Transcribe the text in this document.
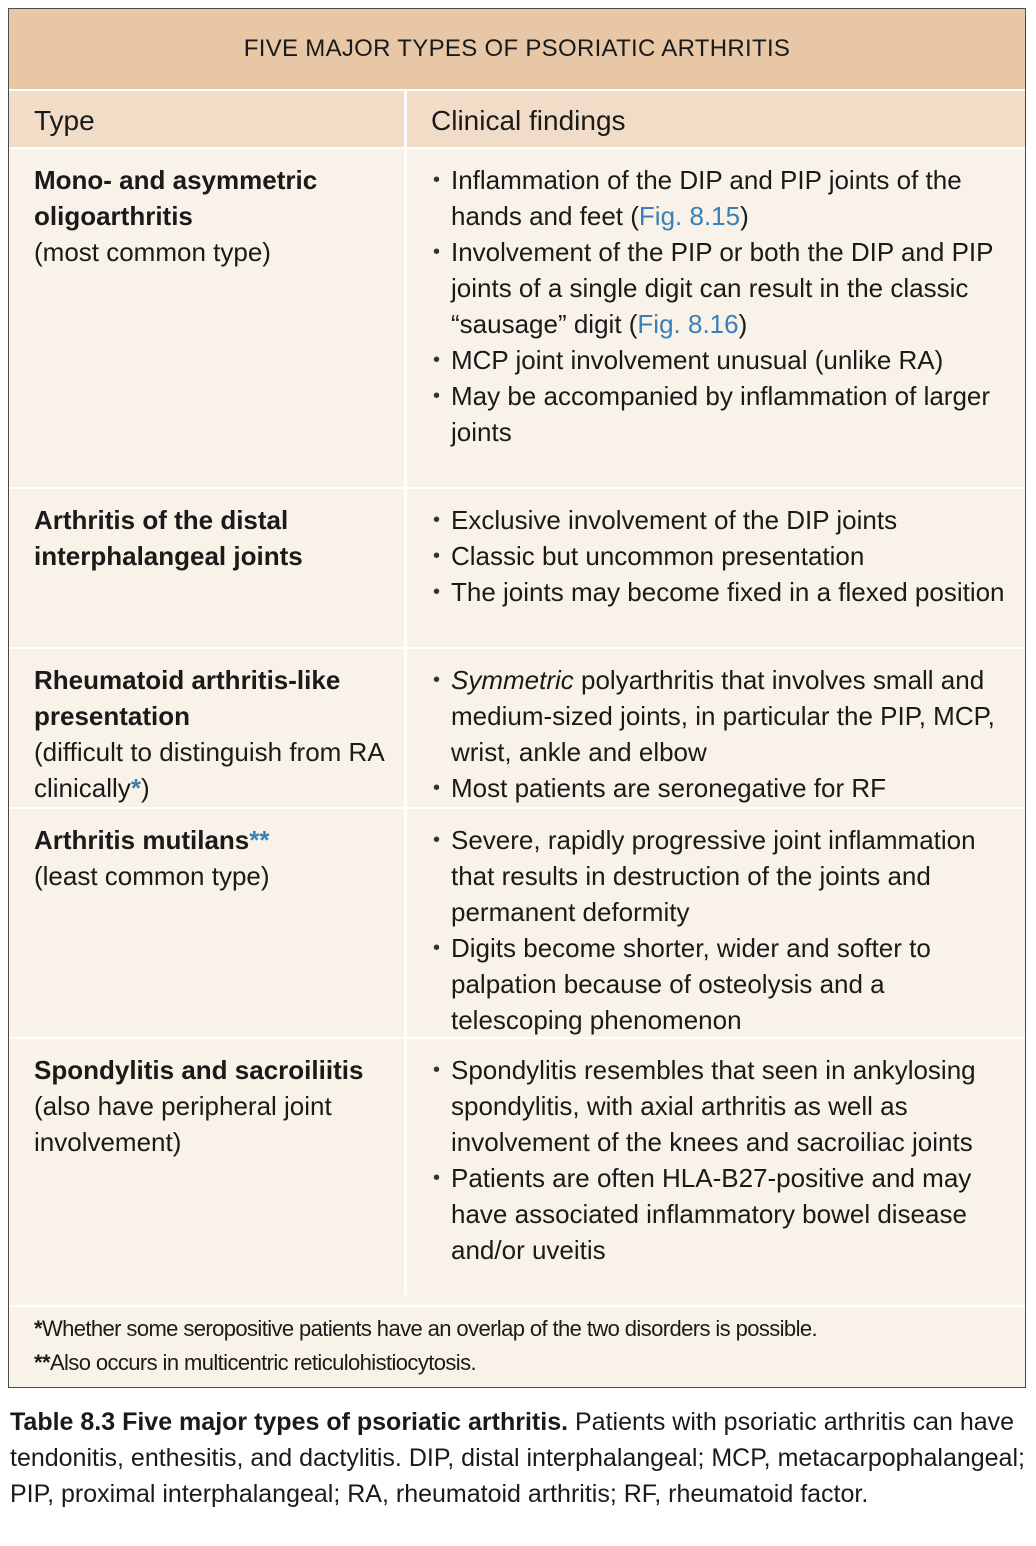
FIVE MAJOR TYPES OF PSORIATIC ARTHRITIS
Type	Clinical findings
Mono- and asymmetric oligoarthritis
(most common type)
• Inflammation of the DIP and PIP joints of the hands and feet (Fig. 8.15)
• Involvement of the PIP or both the DIP and PIP joints of a single digit can result in the classic “sausage” digit (Fig. 8.16)
• MCP joint involvement unusual (unlike RA)
• May be accompanied by inflammation of larger joints
Arthritis of the distal interphalangeal joints
• Exclusive involvement of the DIP joints
• Classic but uncommon presentation
• The joints may become fixed in a flexed position
Rheumatoid arthritis-like presentation
(difficult to distinguish from RA clinically*)
• Symmetric polyarthritis that involves small and medium-sized joints, in particular the PIP, MCP, wrist, ankle and elbow
• Most patients are seronegative for RF
Arthritis mutilans**
(least common type)
• Severe, rapidly progressive joint inflammation that results in destruction of the joints and permanent deformity
• Digits become shorter, wider and softer to palpation because of osteolysis and a telescoping phenomenon
Spondylitis and sacroiliitis
(also have peripheral joint involvement)
• Spondylitis resembles that seen in ankylosing spondylitis, with axial arthritis as well as involvement of the knees and sacroiliac joints
• Patients are often HLA-B27-positive and may have associated inflammatory bowel disease and/or uveitis
*Whether some seropositive patients have an overlap of the two disorders is possible.
**Also occurs in multicentric reticulohistiocytosis.
Table 8.3 Five major types of psoriatic arthritis. Patients with psoriatic arthritis can have tendonitis, enthesitis, and dactylitis. DIP, distal interphalangeal; MCP, metacarpophalangeal; PIP, proximal interphalangeal; RA, rheumatoid arthritis; RF, rheumatoid factor.
